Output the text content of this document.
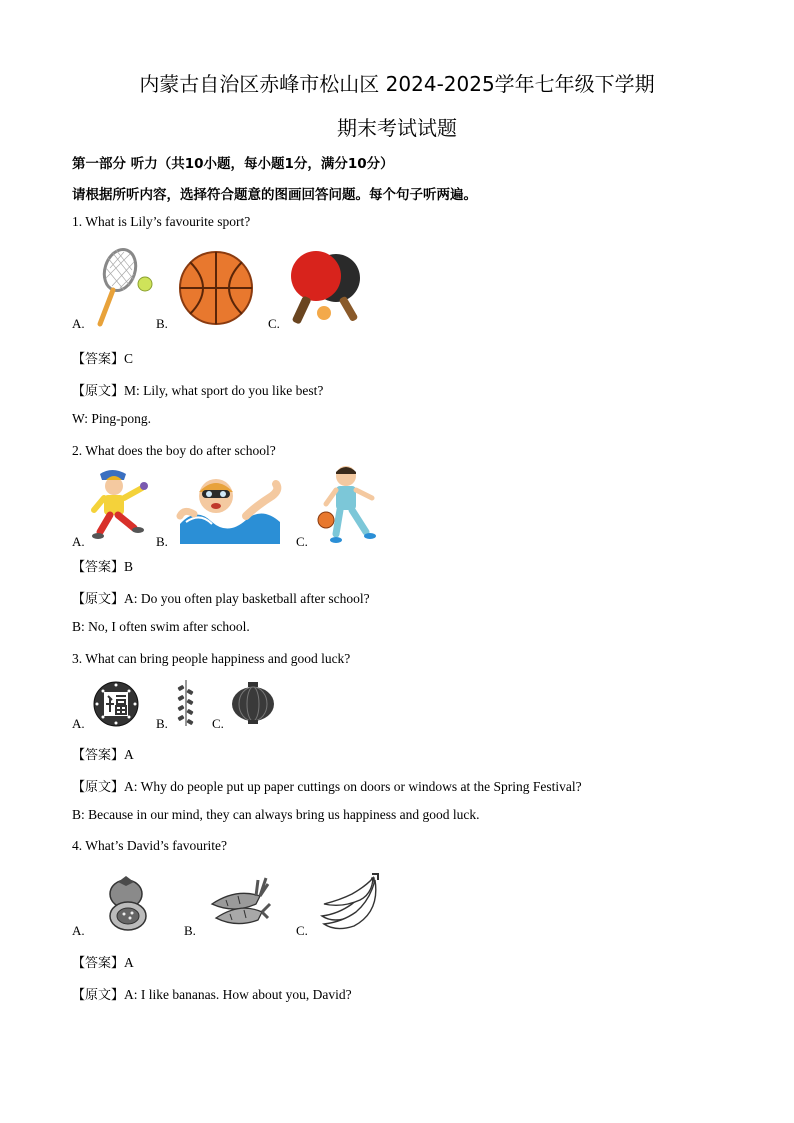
内蒙古自治区赤峰市松山区 2024-2025学年七年级下学期
期末考试试题
第一部分 听力（共10小题，每小题1分，满分10分）
请根据所听内容，选择符合题意的图画回答问题。每个句子听两遍。
1. What is Lily’s favourite sport?
A.	B.	C.
【答案】C
【原文】M: Lily, what sport do you like best?
W: Ping-pong.
2. What does the boy do after school?
A.	B.	C.
【答案】B
【原文】A: Do you often play basketball after school?
B: No, I often swim after school.
3. What can bring people happiness and good luck?
A.	B.	C.
【答案】A
【原文】A: Why do people put up paper cuttings on doors or windows at the Spring Festival?
B: Because in our mind, they can always bring us happiness and good luck.
4. What’s David’s favourite?
A.	B.	C.
【答案】A
【原文】A: I like bananas. How about you, David?
